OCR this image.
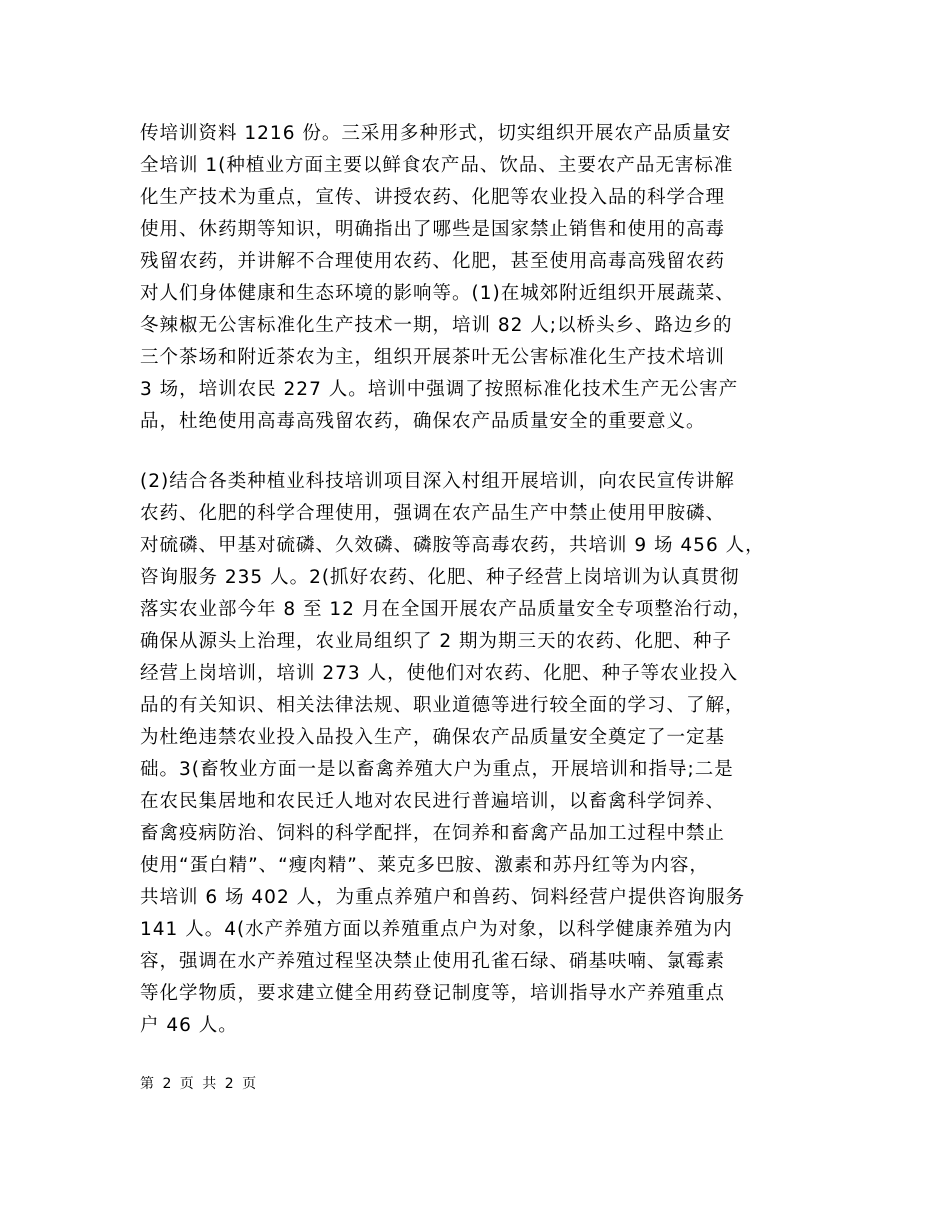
传培训资料 1216 份。三采用多种形式，切实组织开展农产品质量安
全培训 1(种植业方面主要以鲜食农产品、饮品、主要农产品无害标准
化生产技术为重点，宣传、讲授农药、化肥等农业投入品的科学合理
使用、休药期等知识，明确指出了哪些是国家禁止销售和使用的高毒
残留农药，并讲解不合理使用农药、化肥，甚至使用高毒高残留农药
对人们身体健康和生态环境的影响等。(1)在城郊附近组织开展蔬菜、
冬辣椒无公害标准化生产技术一期，培训 82 人;以桥头乡、路边乡的
三个茶场和附近茶农为主，组织开展茶叶无公害标准化生产技术培训
3 场，培训农民 227 人。培训中强调了按照标准化技术生产无公害产
品，杜绝使用高毒高残留农药，确保农产品质量安全的重要意义。
(2)结合各类种植业科技培训项目深入村组开展培训，向农民宣传讲解
农药、化肥的科学合理使用，强调在农产品生产中禁止使用甲胺磷、
对硫磷、甲基对硫磷、久效磷、磷胺等高毒农药，共培训 9 场 456 人，
咨询服务 235 人。2(抓好农药、化肥、种子经营上岗培训为认真贯彻
落实农业部今年 8 至 12 月在全国开展农产品质量安全专项整治行动，
确保从源头上治理，农业局组织了 2 期为期三天的农药、化肥、种子
经营上岗培训，培训 273 人，使他们对农药、化肥、种子等农业投入
品的有关知识、相关法律法规、职业道德等进行较全面的学习、了解，
为杜绝违禁农业投入品投入生产，确保农产品质量安全奠定了一定基
础。3(畜牧业方面一是以畜禽养殖大户为重点，开展培训和指导;二是
在农民集居地和农民迁人地对农民进行普遍培训，以畜禽科学饲养、
畜禽疫病防治、饲料的科学配拌，在饲养和畜禽产品加工过程中禁止
使用“蛋白精”、“瘦肉精”、莱克多巴胺、激素和苏丹红等为内容，
共培训 6 场 402 人，为重点养殖户和兽药、饲料经营户提供咨询服务
141 人。4(水产养殖方面以养殖重点户为对象，以科学健康养殖为内
容，强调在水产养殖过程坚决禁止使用孔雀石绿、硝基呋喃、氯霉素
等化学物质，要求建立健全用药登记制度等，培训指导水产养殖重点
户 46 人。
第 2 页 共 2 页
